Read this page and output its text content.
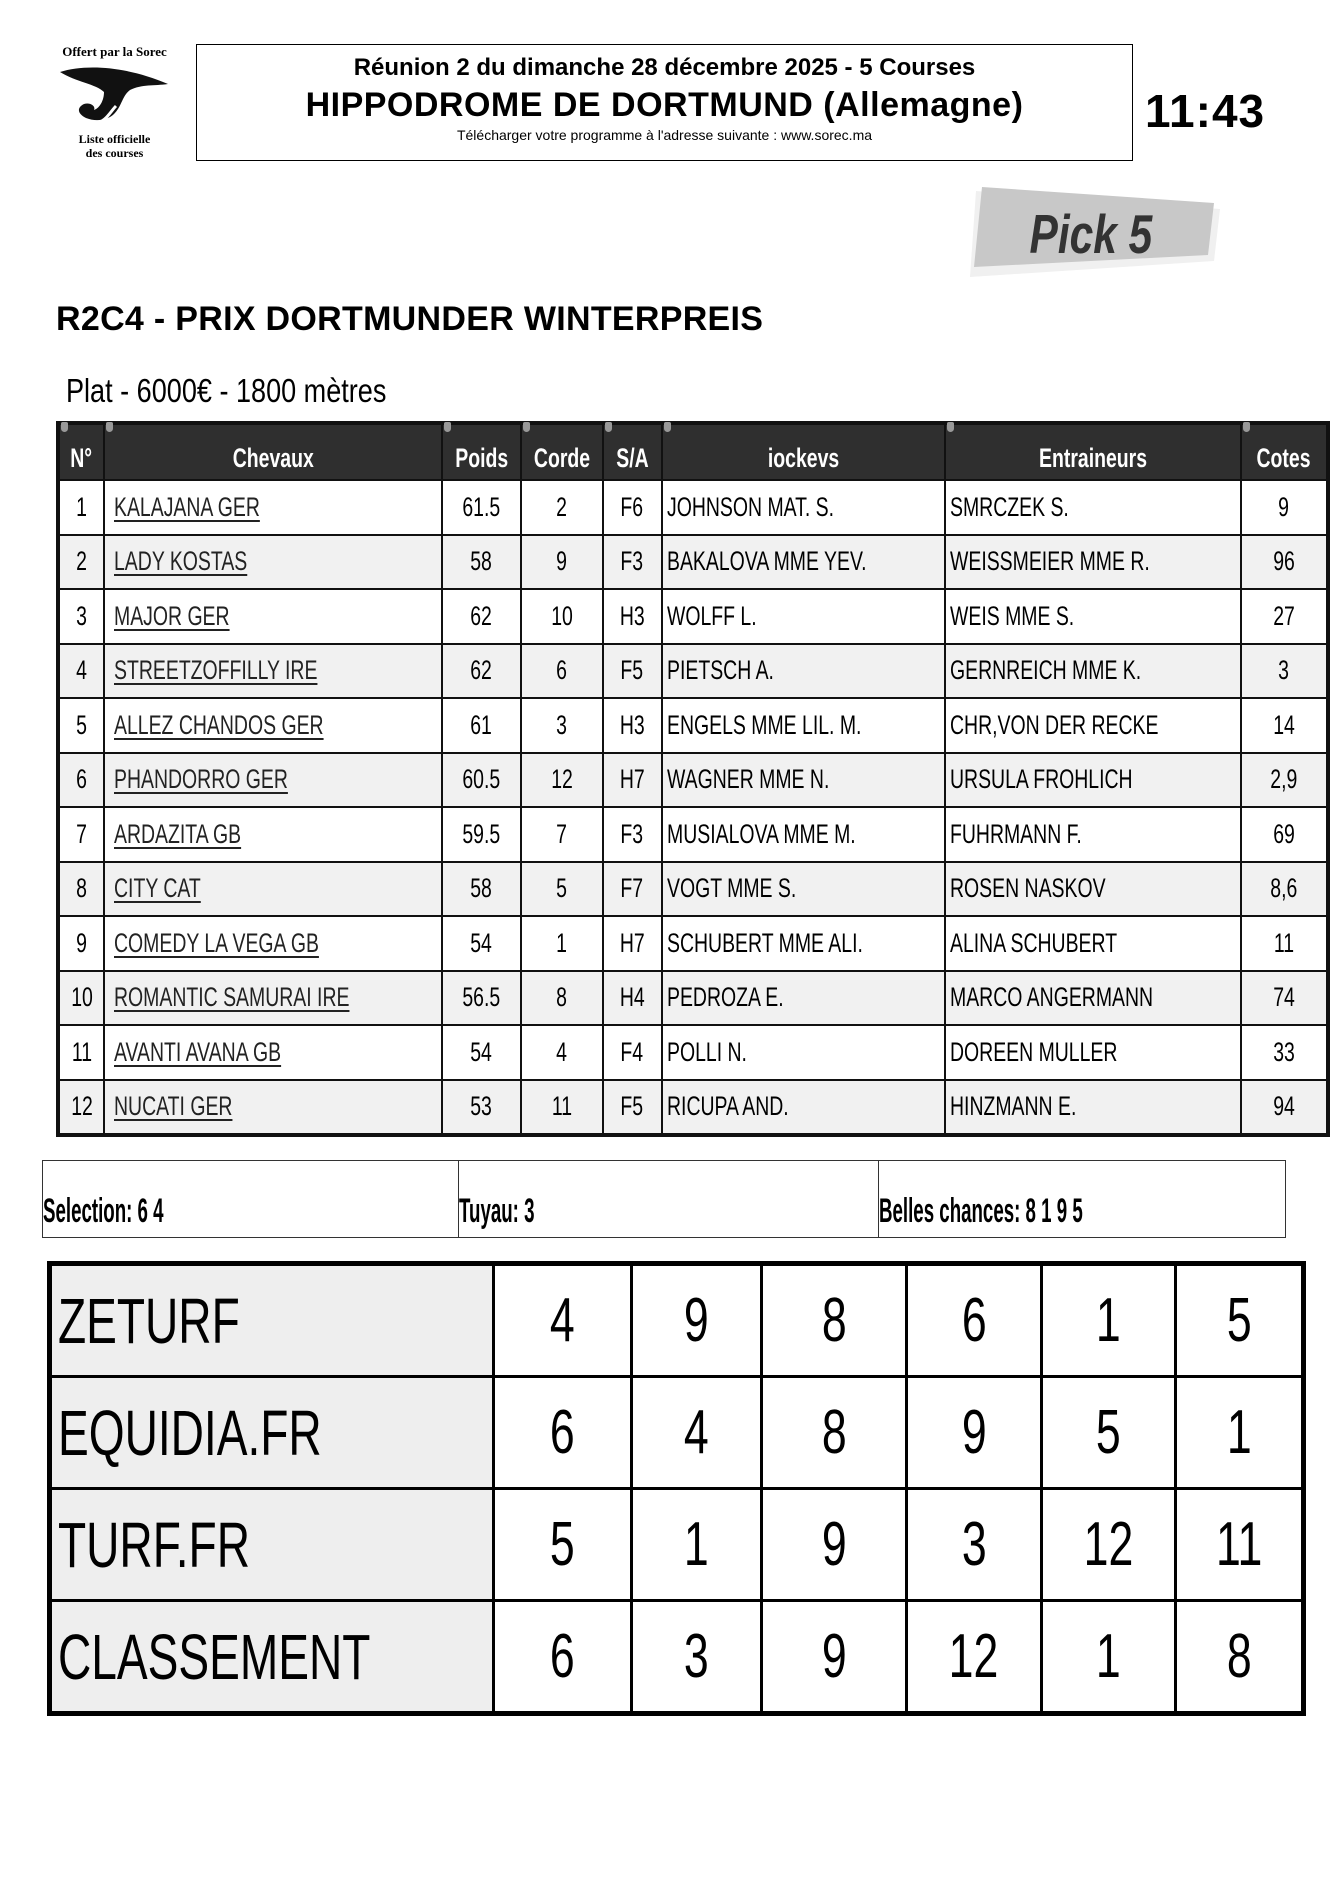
Offert par la Sorec
Liste officielle
des courses
Réunion 2 du dimanche 28 décembre 2025 - 5 Courses
HIPPODROME DE DORTMUND (Allemagne)
Télécharger votre programme à l'adresse suivante : www.sorec.ma	11:43
Pick 5
R2C4 - PRIX DORTMUNDER WINTERPREIS
Plat - 6000€ - 1800 mètres
N°	Chevaux	Poids	Corde	S/A	iockevs	Entraineurs	Cotes
1	KALAJANA GER	61.5	2	F6	JOHNSON MAT. S.	SMRCZEK S.	9
2	LADY KOSTAS	58	9	F3	BAKALOVA MME YEV.	WEISSMEIER MME R.	96
3	MAJOR GER	62	10	H3	WOLFF L.	WEIS MME S.	27
4	STREETZOFFILLY IRE	62	6	F5	PIETSCH A.	GERNREICH MME K.	3
5	ALLEZ CHANDOS GER	61	3	H3	ENGELS MME LIL. M.	CHR,VON DER RECKE	14
6	PHANDORRO GER	60.5	12	H7	WAGNER MME N.	URSULA FROHLICH	2,9
7	ARDAZITA GB	59.5	7	F3	MUSIALOVA MME M.	FUHRMANN F.	69
8	CITY CAT	58	5	F7	VOGT MME S.	ROSEN NASKOV	8,6
9	COMEDY LA VEGA GB	54	1	H7	SCHUBERT MME ALI.	ALINA SCHUBERT	11
10	ROMANTIC SAMURAI IRE	56.5	8	H4	PEDROZA E.	MARCO ANGERMANN	74
11	AVANTI AVANA GB	54	4	F4	POLLI N.	DOREEN MULLER	33
12	NUCATI GER	53	11	F5	RICUPA AND.	HINZMANN E.	94
Selection: 6 4	Tuyau: 3	Belles chances: 8 1 9 5
ZETURF	4	9	8	6	1	5
EQUIDIA.FR	6	4	8	9	5	1
TURF.FR	5	1	9	3	12	11
CLASSEMENT	6	3	9	12	1	8
